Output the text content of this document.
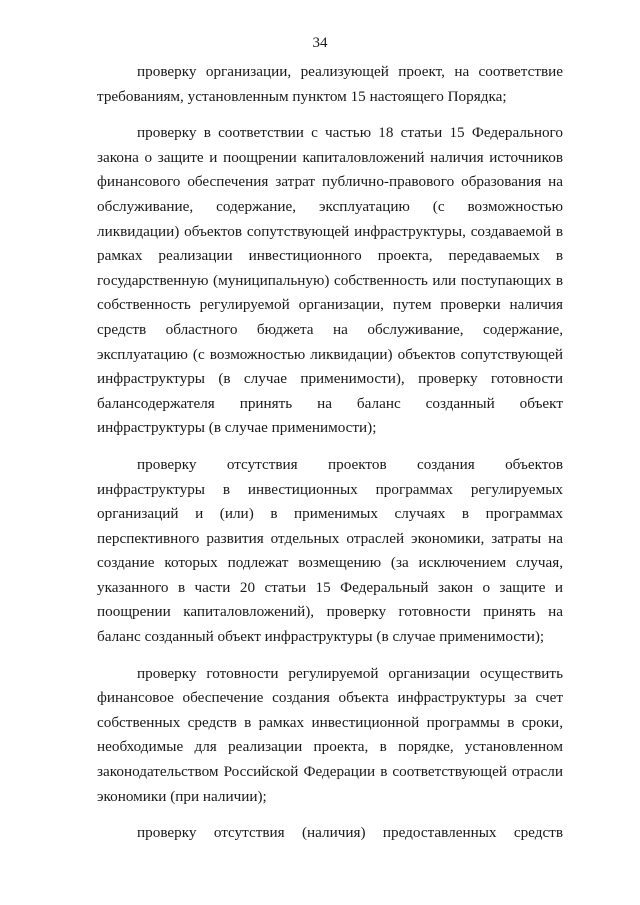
34

проверку организации, реализующей проект, на соответствие требованиям, установленным пунктом 15 настоящего Порядка;

проверку в соответствии с частью 18 статьи 15 Федерального закона о защите и поощрении капиталовложений наличия источников финансового обеспечения затрат публично-правового образования на обслуживание, содержание, эксплуатацию (с возможностью ликвидации) объектов сопутствующей инфраструктуры, создаваемой в рамках реализации инвестиционного проекта, передаваемых в государственную (муниципальную) собственность или поступающих в собственность регулируемой организации, путем проверки наличия средств областного бюджета на обслуживание, содержание, эксплуатацию (с возможностью ликвидации) объектов сопутствующей инфраструктуры (в случае применимости), проверку готовности балансодержателя принять на баланс созданный объект инфраструктуры (в случае применимости);

проверку отсутствия проектов создания объектов инфраструктуры в инвестиционных программах регулируемых организаций и (или) в применимых случаях в программах перспективного развития отдельных отраслей экономики, затраты на создание которых подлежат возмещению (за исключением случая, указанного в части 20 статьи 15 Федеральный закон о защите и поощрении капиталовложений), проверку готовности принять на баланс созданный объект инфраструктуры (в случае применимости);

проверку готовности регулируемой организации осуществить финансовое обеспечение создания объекта инфраструктуры за счет собственных средств в рамках инвестиционной программы в сроки, необходимые для реализации проекта, в порядке, установленном законодательством Российской Федерации в соответствующей отрасли экономики (при наличии);

проверку отсутствия (наличия) предоставленных средств
